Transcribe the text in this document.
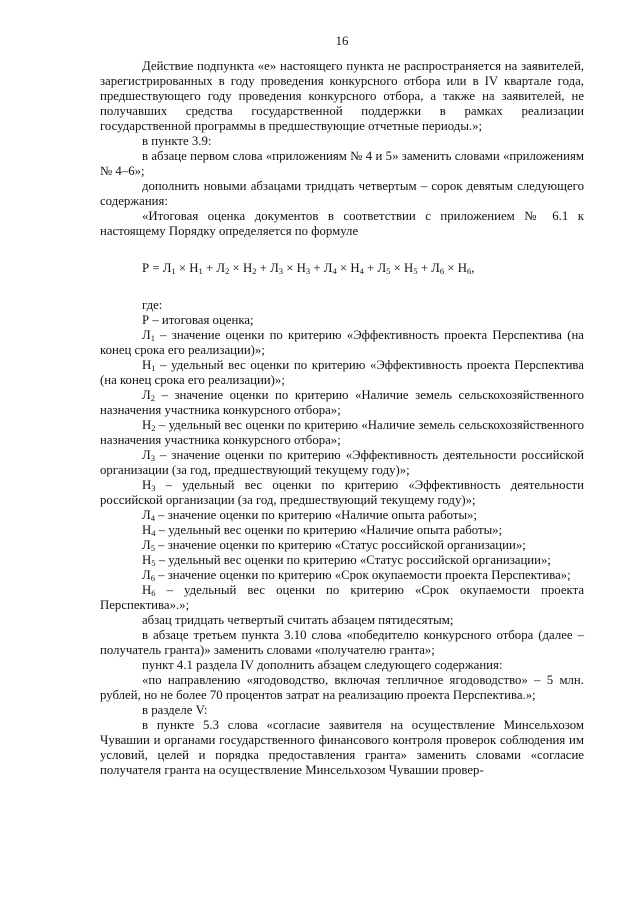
16

Действие подпункта «е» настоящего пункта не распространяется на заявителей, зарегистрированных в году проведения конкурсного отбора или в IV квартале года, предшествующего году проведения конкурсного отбора, а также на заявителей, не получавших средства государственной поддержки в рамках реализации государственной программы в предшествующие отчетные периоды.»;

в пункте 3.9:

в абзаце первом слова «приложениям № 4 и 5» заменить словами «приложениям № 4–6»;

дополнить новыми абзацами тридцать четвертым – сорок девятым следующего содержания:

«Итоговая оценка документов в соответствии с приложением № 6.1 к настоящему Порядку определяется по формуле

$Р = Л_1 \times Н_1 + Л_2 \times Н_2 + Л_3 \times Н_3 + Л_4 \times Н_4 + Л_5 \times Н_5 + Л_6 \times Н_6$,

где:

Р – итоговая оценка;

$Л_1$ – значение оценки по критерию «Эффективность проекта Перспектива (на конец срока его реализации)»;

$Н_1$ – удельный вес оценки по критерию «Эффективность проекта Перспектива (на конец срока его реализации)»;

$Л_2$ – значение оценки по критерию «Наличие земель сельскохозяйственного назначения участника конкурсного отбора»;

$Н_2$ – удельный вес оценки по критерию «Наличие земель сельскохозяйственного назначения участника конкурсного отбора»;

$Л_3$ – значение оценки по критерию «Эффективность деятельности российской организации (за год, предшествующий текущему году)»;

$Н_3$ – удельный вес оценки по критерию «Эффективность деятельности российской организации (за год, предшествующий текущему году)»;

$Л_4$ – значение оценки по критерию «Наличие опыта работы»;

$Н_4$ – удельный вес оценки по критерию «Наличие опыта работы»;

$Л_5$ – значение оценки по критерию «Статус российской организации»;

$Н_5$ – удельный вес оценки по критерию «Статус российской организации»;

$Л_6$ – значение оценки по критерию «Срок окупаемости проекта Перспектива»;

$Н_6$ – удельный вес оценки по критерию «Срок окупаемости проекта Перспектива».»;

абзац тридцать четвертый считать абзацем пятидесятым;

в абзаце третьем пункта 3.10 слова «победителю конкурсного отбора (далее – получатель гранта)» заменить словами «получателю гранта»;

пункт 4.1 раздела IV дополнить абзацем следующего содержания:

«по направлению «ягодоводство, включая тепличное ягодоводство» – 5 млн. рублей, но не более 70 процентов затрат на реализацию проекта Перспектива.»;

в разделе V:

в пункте 5.3 слова «согласие заявителя на осуществление Минсельхозом Чувашии и органами государственного финансового контроля проверок соблюдения им условий, целей и порядка предоставления гранта» заменить словами «согласие получателя гранта на осуществление Минсельхозом Чувашии провер-
